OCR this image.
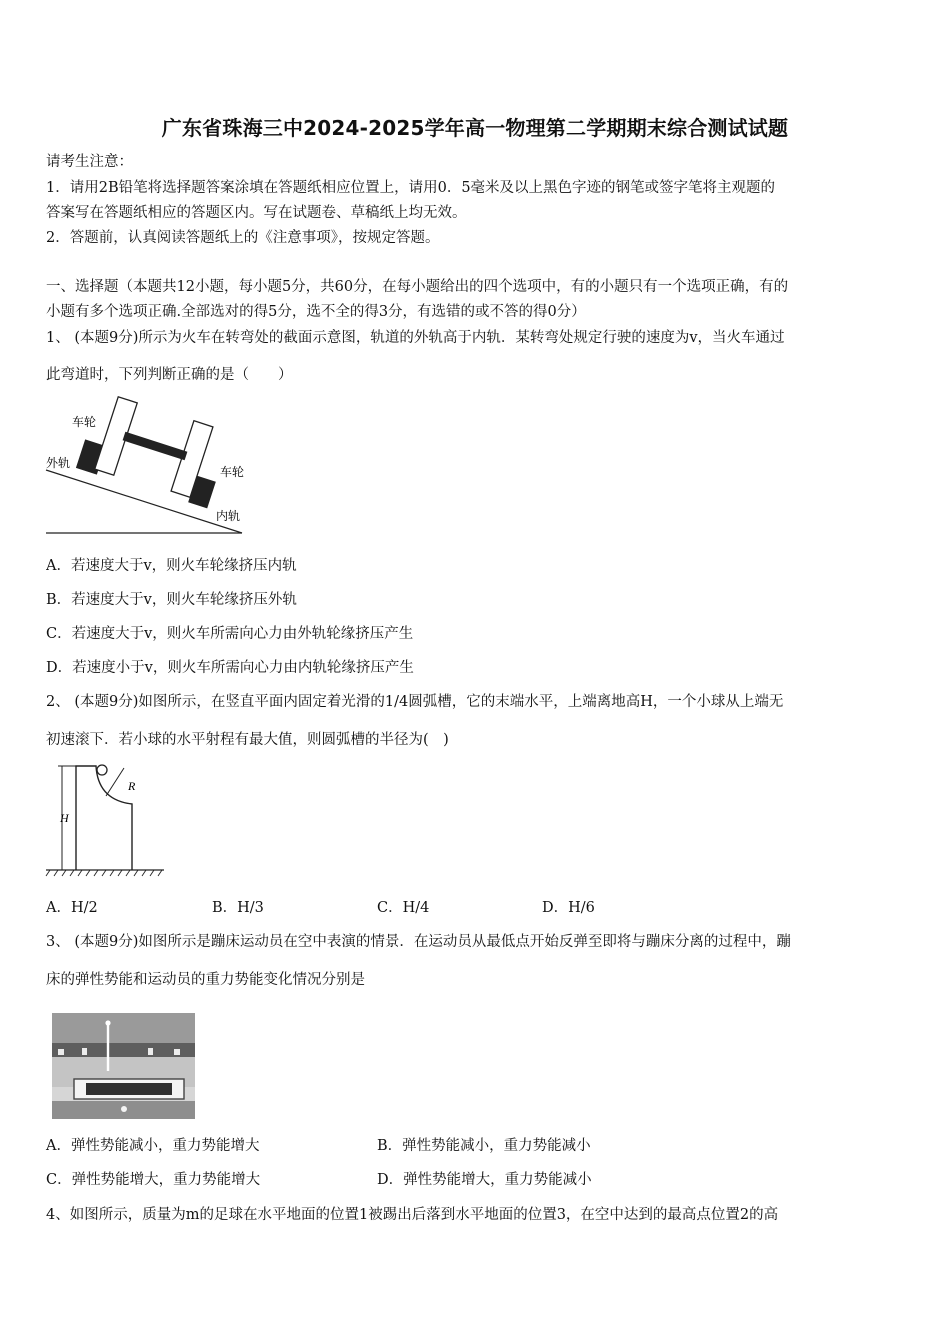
广东省珠海三中2024-2025学年高一物理第二学期期末综合测试试题
请考生注意：
1．请用2B铅笔将选择题答案涂填在答题纸相应位置上，请用0．5毫米及以上黑色字迹的钢笔或签字笔将主观题的
答案写在答题纸相应的答题区内。写在试题卷、草稿纸上均无效。
2．答题前，认真阅读答题纸上的《注意事项》，按规定答题。
一、选择题（本题共12小题，每小题5分，共60分，在每小题给出的四个选项中，有的小题只有一个选项正确，有的
小题有多个选项正确.全部选对的得5分，选不全的得3分，有选错的或不答的得0分）
1、 (本题9分)所示为火车在转弯处的截面示意图，轨道的外轨高于内轨．某转弯处规定行驶的速度为v，当火车通过
此弯道时，下列判断正确的是（　　）
车轮
外轨
车轮
内轨
A．若速度大于v，则火车轮缘挤压内轨
B．若速度大于v，则火车轮缘挤压外轨
C．若速度大于v，则火车所需向心力由外轨轮缘挤压产生
D．若速度小于v，则火车所需向心力由内轨轮缘挤压产生
2、 (本题9分)如图所示，在竖直平面内固定着光滑的1/4圆弧槽，它的末端水平，上端离地高H，一个小球从上端无
初速滚下．若小球的水平射程有最大值，则圆弧槽的半径为(　)
R
H
A．H/2	B．H/3	C．H/4	D．H/6
3、 (本题9分)如图所示是蹦床运动员在空中表演的情景．在运动员从最低点开始反弹至即将与蹦床分离的过程中，蹦
床的弹性势能和运动员的重力势能变化情况分别是
A．弹性势能减小，重力势能增大	B．弹性势能减小，重力势能减小
C．弹性势能增大，重力势能增大	D．弹性势能增大，重力势能减小
4、如图所示，质量为m的足球在水平地面的位置1被踢出后落到水平地面的位置3，在空中达到的最高点位置2的高
